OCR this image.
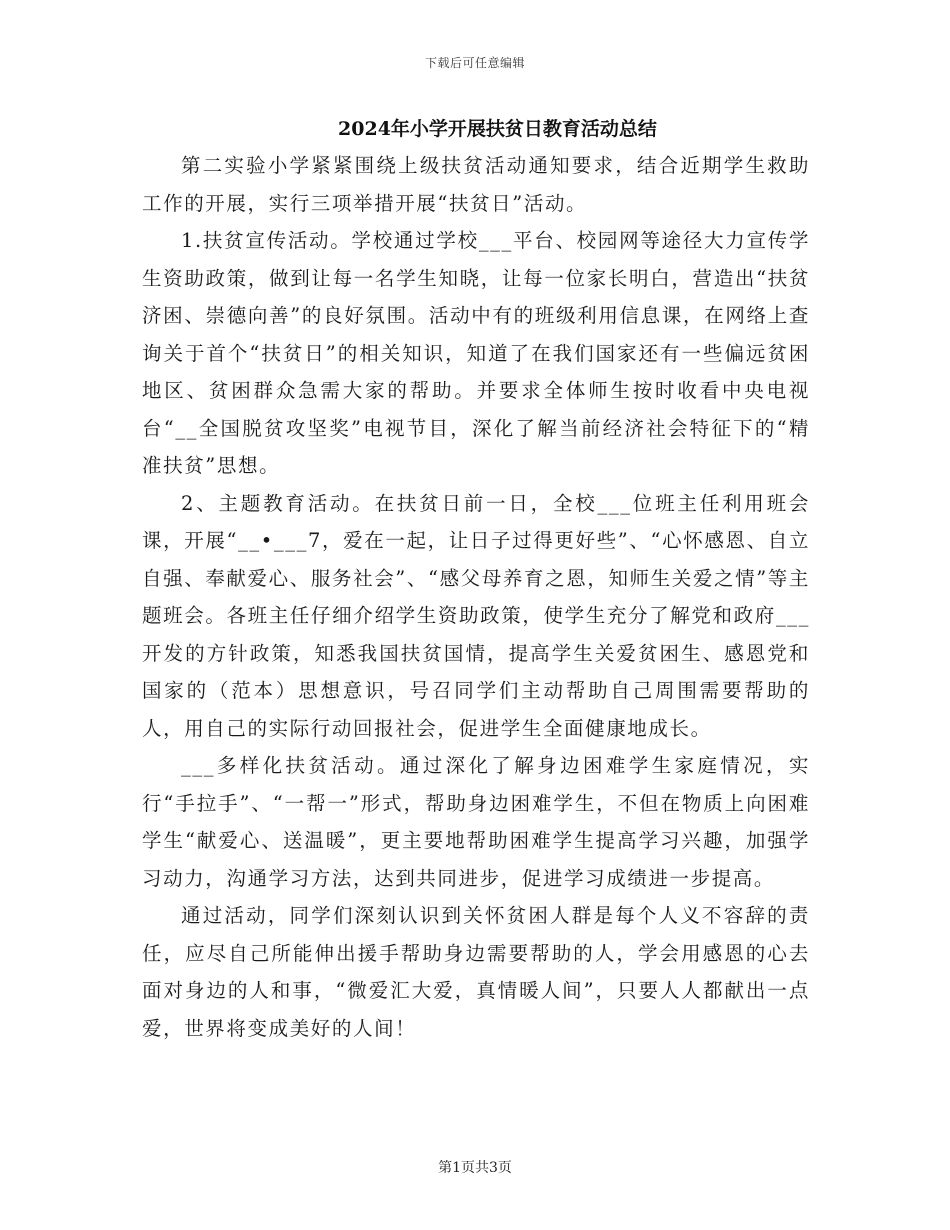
下载后可任意编辑
2024年小学开展扶贫日教育活动总结

第二实验小学紧紧围绕上级扶贫活动通知要求，结合近期学生救助工作的开展，实行三项举措开展“扶贫日”活动。

1.扶贫宣传活动。学校通过学校___平台、校园网等途径大力宣传学生资助政策，做到让每一名学生知晓，让每一位家长明白，营造出“扶贫济困、崇德向善”的良好氛围。活动中有的班级利用信息课，在网络上查询关于首个“扶贫日”的相关知识，知道了在我们国家还有一些偏远贫困地区、贫困群众急需大家的帮助。并要求全体师生按时收看中央电视台“__全国脱贫攻坚奖”电视节目，深化了解当前经济社会特征下的“精准扶贫”思想。

2、主题教育活动。在扶贫日前一日，全校___位班主任利用班会课，开展“__•___7，爱在一起，让日子过得更好些”、“心怀感恩、自立自强、奉献爱心、服务社会”、“感父母养育之恩，知师生关爱之情”等主题班会。各班主任仔细介绍学生资助政策，使学生充分了解党和政府___开发的方针政策，知悉我国扶贫国情，提高学生关爱贫困生、感恩党和国家的（范本）思想意识，号召同学们主动帮助自己周围需要帮助的人，用自己的实际行动回报社会，促进学生全面健康地成长。

___多样化扶贫活动。通过深化了解身边困难学生家庭情况，实行“手拉手”、“一帮一”形式，帮助身边困难学生，不但在物质上向困难学生“献爱心、送温暖”，更主要地帮助困难学生提高学习兴趣，加强学习动力，沟通学习方法，达到共同进步，促进学习成绩进一步提高。

通过活动，同学们深刻认识到关怀贫困人群是每个人义不容辞的责任，应尽自己所能伸出援手帮助身边需要帮助的人，学会用感恩的心去面对身边的人和事，“微爱汇大爱，真情暖人间”，只要人人都献出一点爱，世界将变成美好的人间！

第1页共3页
